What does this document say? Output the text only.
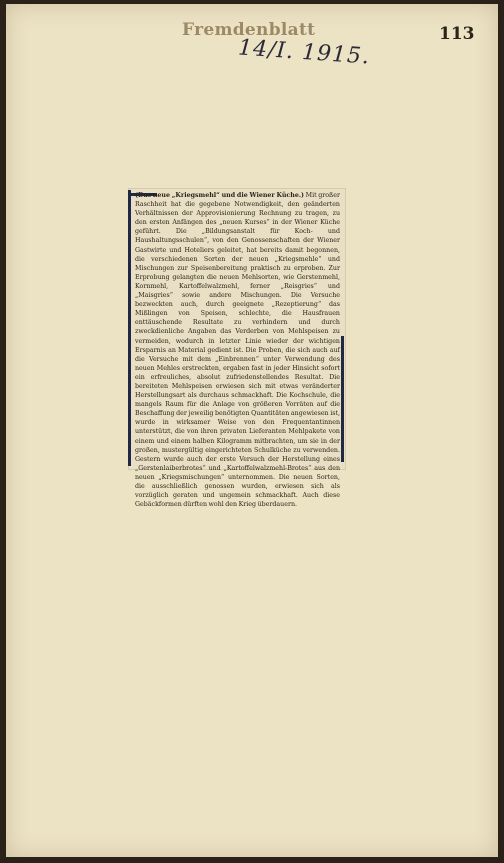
Fremdenblatt	113
14/I. 1915.

(Das neue „Kriegsmehl“ und die Wiener Küche.) Mit großer Raschheit hat die gegebene Notwendigkeit, den geänderten Verhältnissen der Approvisionierung Rechnung zu tragen, zu den ersten Anfängen des „neuen Kurses“ in der Wiener Küche geführt. Die „Bildungsanstalt für Koch- und Haushaltungsschulen“, von den Genossenschaften der Wiener Gastwirte und Hoteliers geleitet, hat bereits damit begonnen, die verschiedenen Sorten der neuen „Kriegsmehle“ und Mischungen zur Speisenbereitung praktisch zu erproben. Zur Erprobung gelangten die neuen Mehlsorten, wie Gerstenmehl, Kornmehl, Kartoffelwalzmehl, ferner „Reisgries“ und „Maisgries“ sowie andere Mischungen. Die Versuche bezweckten auch, durch geeignete „Rezeptierung“ das Mißlingen von Speisen, schlechte, die Hausfrauen enttäuschende Resultate zu verhindern und durch zweckdienliche Angaben das Verderben von Mehlspeisen zu vermeiden, wodurch in letzter Linie wieder der wichtigen Ersparnis an Material gedient ist. Die Proben, die sich auch auf die Versuche mit dem „Einbrennen“ unter Verwendung des neuen Mehles erstreckten, ergaben fast in jeder Hinsicht sofort ein erfreuliches, absolut zufriedenstellendes Resultat. Die bereiteten Mehlspeisen erwiesen sich mit etwas veränderter Herstellungsart als durchaus schmackhaft. Die Kochschule, die mangels Raum für die Anlage von größeren Vorräten auf die Beschaffung der jeweilig benötigten Quantitäten angewiesen ist, wurde in wirksamer Weise von den Frequentantinnen unterstützt, die von ihren privaten Lieferanten Mehlpakete von einem und einem halben Kilogramm mitbrachten, um sie in der großen, mustergültig eingerichteten Schulküche zu verwenden. Gestern wurde auch der erste Versuch der Herstellung eines „Gerstenlaiberbrotes“ und „Kartoffelwalzmehl-Brotes“ aus den neuen „Kriegsmischungen“ unternommen. Die neuen Sorten, die ausschließlich genossen wurden, erwiesen sich als vorzüglich geraten und ungemein schmackhaft. Auch diese Gebäckformen dürften wohl den Krieg überdauern.
